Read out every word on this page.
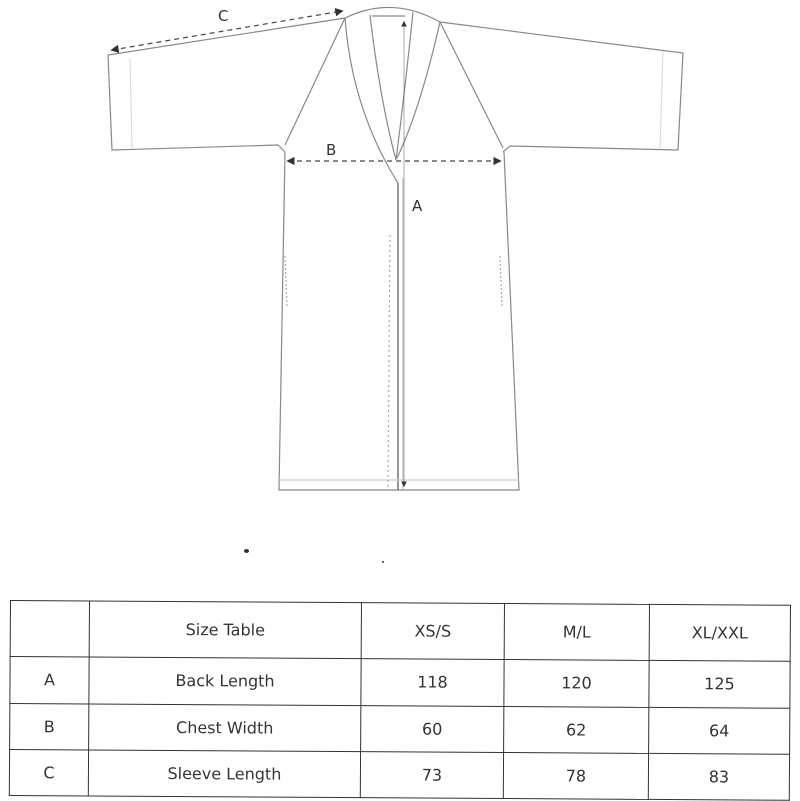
C
B
A
	Size Table	XS/S	M/L	XL/XXL
A	Back Length	118	120	125
B	Chest Width	60	62	64
C	Sleeve Length	73	78	83
